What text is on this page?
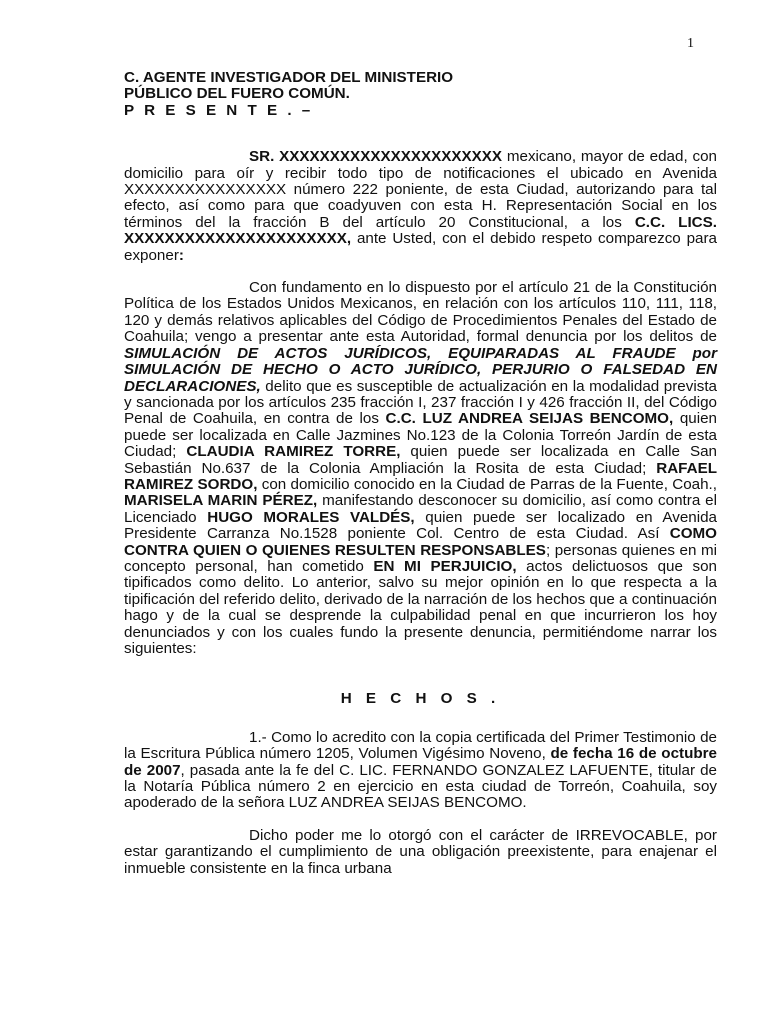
1
C. AGENTE INVESTIGADOR DEL MINISTERIO
PÚBLICO DEL FUERO COMÚN.
P R E S E N T E . –

SR. XXXXXXXXXXXXXXXXXXXXXX mexicano, mayor de edad, con domicilio para oír y recibir todo tipo de notificaciones el ubicado en Avenida XXXXXXXXXXXXXXXX número 222 poniente, de esta Ciudad, autorizando para tal efecto, así como para que coadyuven con esta H. Representación Social en los términos del la fracción B del artículo 20 Constitucional, a los C.C. LICS. XXXXXXXXXXXXXXXXXXXXXX, ante Usted, con el debido respeto comparezco para exponer:

Con fundamento en lo dispuesto por el artículo 21 de la Constitución Política de los Estados Unidos Mexicanos, en relación con los artículos 110, 111, 118, 120 y demás relativos aplicables del Código de Procedimientos Penales del Estado de Coahuila; vengo a presentar ante esta Autoridad, formal denuncia por los delitos de SIMULACIÓN DE ACTOS JURÍDICOS, EQUIPARADAS AL FRAUDE por SIMULACIÓN DE HECHO O ACTO JURÍDICO, PERJURIO O FALSEDAD EN DECLARACIONES, delito que es susceptible de actualización en la modalidad prevista y sancionada por los artículos 235 fracción I, 237 fracción I y 426 fracción II, del Código Penal de Coahuila, en contra de los C.C. LUZ ANDREA SEIJAS BENCOMO, quien puede ser localizada en Calle Jazmines No.123 de la Colonia Torreón Jardín de esta Ciudad; CLAUDIA RAMIREZ TORRE, quien puede ser localizada en Calle San Sebastián No.637 de la Colonia Ampliación la Rosita de esta Ciudad; RAFAEL RAMIREZ SORDO, con domicilio conocido en la Ciudad de Parras de la Fuente, Coah., MARISELA MARIN PÉREZ, manifestando desconocer su domicilio, así como contra el Licenciado HUGO MORALES VALDÉS, quien puede ser localizado en Avenida Presidente Carranza No.1528 poniente Col. Centro de esta Ciudad. Así COMO CONTRA QUIEN O QUIENES RESULTEN RESPONSABLES; personas quienes en mi concepto personal, han cometido EN MI PERJUICIO, actos delictuosos que son tipificados como delito. Lo anterior, salvo su mejor opinión en lo que respecta a la tipificación del referido delito, derivado de la narración de los hechos que a continuación hago y de la cual se desprende la culpabilidad penal en que incurrieron los hoy denunciados y con los cuales fundo la presente denuncia, permitiéndome narrar los siguientes:

H E C H O S .

1.- Como lo acredito con la copia certificada del Primer Testimonio de la Escritura Pública número 1205, Volumen Vigésimo Noveno, de fecha 16 de octubre de 2007, pasada ante la fe del C. LIC. FERNANDO GONZALEZ LAFUENTE, titular de la Notaría Pública número 2 en ejercicio en esta ciudad de Torreón, Coahuila, soy apoderado de la señora LUZ ANDREA SEIJAS BENCOMO.

Dicho poder me lo otorgó con el carácter de IRREVOCABLE, por estar garantizando el cumplimiento de una obligación preexistente, para enajenar el inmueble consistente en la finca urbana
